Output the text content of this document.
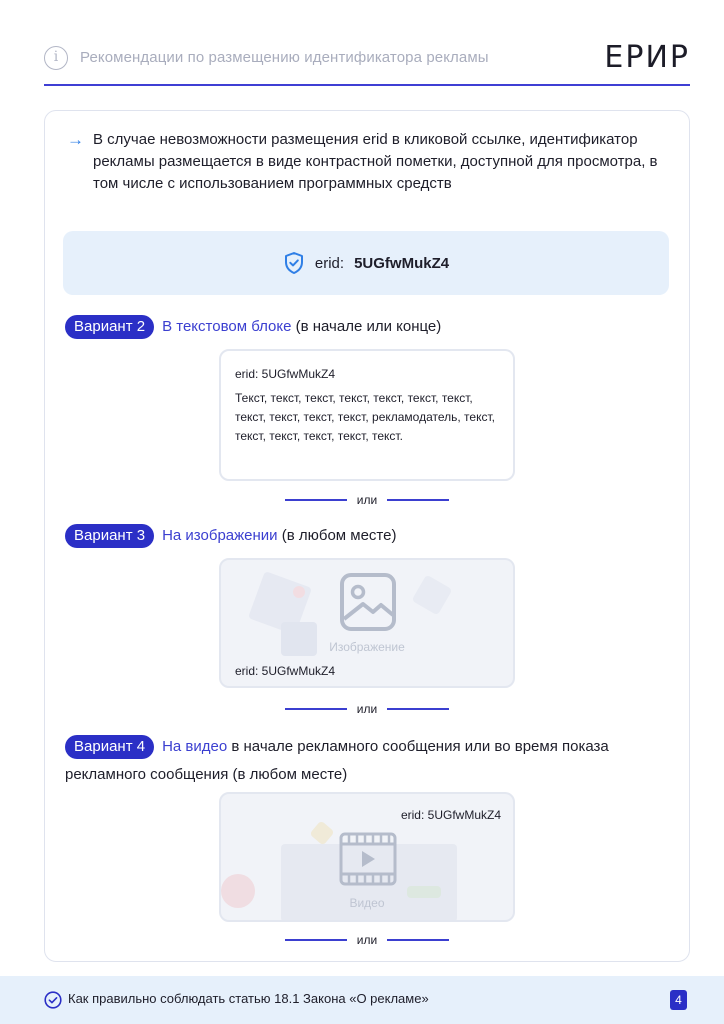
i	Рекомендации по размещению идентификатора рекламы	ЕРИР
→ В случае невозможности размещения erid в кликовой ссылке, идентификатор рекламы размещается в виде контрастной пометки, доступной для просмотра, в том числе с использованием программных средств

erid: 5UGfwMukZ4
Вариант 2 В текстовом блоке (в начале или конце)
erid: 5UGfwMukZ4
Текст, текст, текст, текст, текст, текст, текст, текст, текст, текст, текст, рекламодатель, текст, текст, текст, текст, текст, текст.
или
Вариант 3 На изображении (в любом месте)
Изображение
erid: 5UGfwMukZ4
или
Вариант 4 На видео в начале рекламного сообщения или во время показа рекламного сообщения (в любом месте)
Видео
erid: 5UGfwMukZ4
или
Как правильно соблюдать статью 18.1 Закона «О рекламе»	4
